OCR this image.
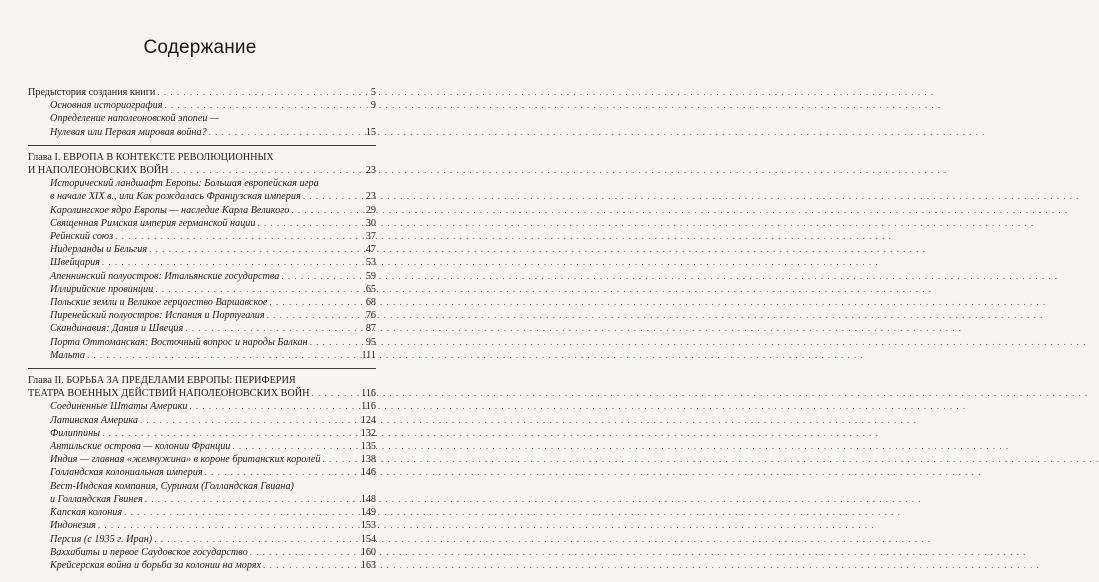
Содержание
Предыстория создания книги . . .	5
Основная историография . . .	9
Определение наполеоновской эпопеи —
Нулевая или Первая мировая война? . . .	15
Глава I. ЕВРОПА В КОНТЕКСТЕ РЕВОЛЮЦИОННЫХ
И НАПОЛЕОНОВСКИХ ВОЙН . . .	23
Исторический ландшафт Европы: Большая европейская игра
в начале XIX в., или Как рождалась Французская империя . . .	23
Каролингское ядро Европы — наследие Карла Великого . . .	29
Священная Римская империя германской нации . . .	30
Рейнский союз . . .	37
Нидерланды и Бельгия . . .	47
Швейцария . . .	53
Апеннинский полуостров: Итальянские государства . . .	59
Иллирийские провинции . . .	65
Польские земли и Великое герцогство Варшавское . . .	68
Пиренейский полуостров: Испания и Португалия . . .	76
Скандинавия: Дания и Швеция . . .	87
Порта Оттоманская: Восточный вопрос и народы Балкан . . .	95
Мальта . . .	111
Глава II. БОРЬБА ЗА ПРЕДЕЛАМИ ЕВРОПЫ: ПЕРИФЕРИЯ
ТЕАТРА ВОЕННЫХ ДЕЙСТВИЙ НАПОЛЕОНОВСКИХ ВОЙН . . .	116
Соединенные Штаты Америки . . .	116
Латинская Америка . . .	124
Филиппины . . .	132
Антильские острова — колонии Франции . . .	135
Индия — главная «жемчужина» в короне британских королей . . .	138
Голландская колониальная империя . . .	146
Вест-Индская компания, Суринам (Голландская Гвиана)
и Голландская Гвинея . . .	148
Капская колония . . .	149
Индонезия . . .	153
Персия (с 1935 г. Иран) . . .	154
Ваххабиты и первое Саудовское государство . . .	160
Крейсерская война и борьба за колонии на морях . . .	163
